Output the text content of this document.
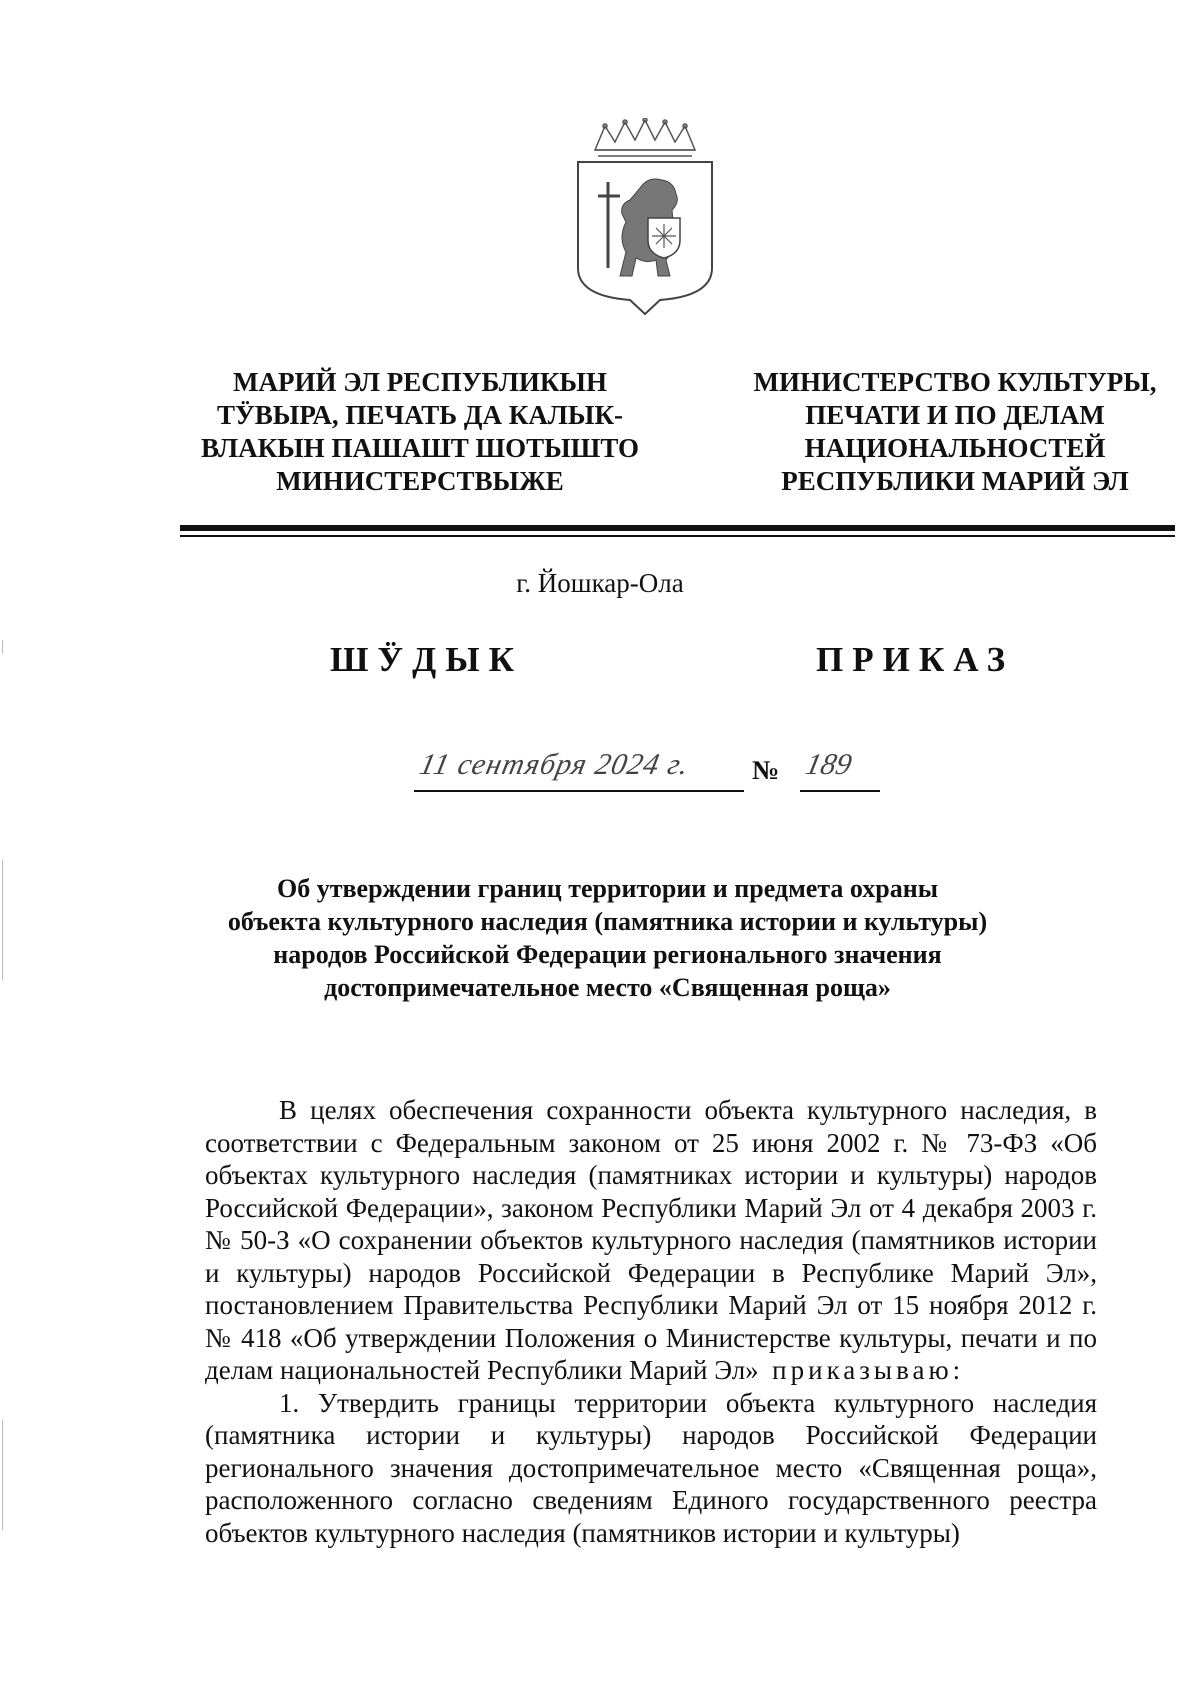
МАРИЙ ЭЛ РЕСПУБЛИКЫН
ТӰВЫРА, ПЕЧАТЬ ДА КАЛЫК-
ВЛАКЫН ПАШАШТ ШОТЫШТО
МИНИСТЕРСТВЫЖЕ
МИНИСТЕРСТВО КУЛЬТУРЫ,
ПЕЧАТИ И ПО ДЕЛАМ
НАЦИОНАЛЬНОСТЕЙ
РЕСПУБЛИКИ МАРИЙ ЭЛ
г. Йошкар-Ола
ШӰДЫК	ПРИКАЗ
11 сентября 2024 г. № 189
Об утверждении границ территории и предмета охраны
объекта культурного наследия (памятника истории и культуры)
народов Российской Федерации регионального значения
достопримечательное место «Священная роща»

В целях обеспечения сохранности объекта культурного наследия, в соответствии с Федеральным законом от 25 июня 2002 г. № 73-ФЗ «Об объектах культурного наследия (памятниках истории и культуры) народов Российской Федерации», законом Республики Марий Эл от 4 декабря 2003 г. № 50-З «О сохранении объектов культурного наследия (памятников истории и культуры) народов Российской Федерации в Республике Марий Эл», постановлением Правительства Республики Марий Эл от 15 ноября 2012 г. № 418 «Об утверждении Положения о Министерстве культуры, печати и по делам национальностей Республики Марий Эл» приказываю:

1. Утвердить границы территории объекта культурного наследия (памятника истории и культуры) народов Российской Федерации регионального значения достопримечательное место «Священная роща», расположенного согласно сведениям Единого государственного реестра объектов культурного наследия (памятников истории и культуры)
